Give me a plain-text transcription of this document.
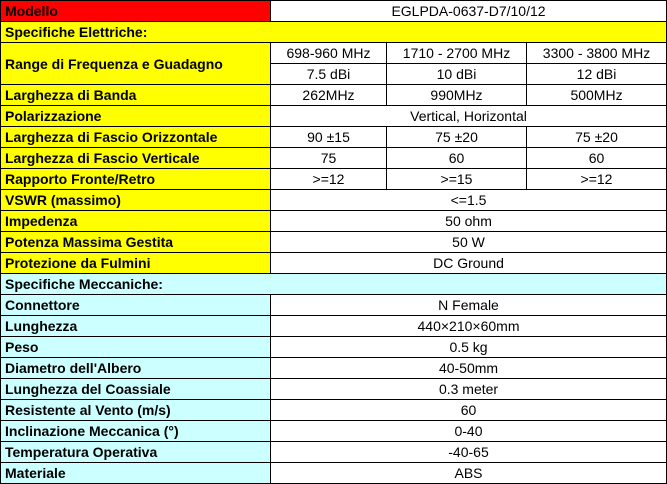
Modello	EGLPDA-0637-D7/10/12		
Specifiche Elettriche:			
Range di Frequenza e Guadagno	698-960 MHz	1710 - 2700 MHz	3300 - 3800 MHz
	7.5 dBi	10 dBi	12 dBi
Larghezza di Banda	262MHz	990MHz	500MHz
Polarizzazione	Vertical, Horizontal		
Larghezza di Fascio Orizzontale	90 ±15	75 ±20	75 ±20
Larghezza di Fascio Verticale	75	60	60
Rapporto Fronte/Retro	>=12	>=15	>=12
VSWR (massimo)	<=1.5		
Impedenza	50 ohm		
Potenza Massima Gestita	50 W		
Protezione da Fulmini	DC Ground		
Specifiche Meccaniche:			
Connettore	N Female		
Lunghezza	440×210×60mm		
Peso	0.5 kg		
Diametro dell'Albero	40-50mm		
Lunghezza del Coassiale	0.3 meter		
Resistente al Vento (m/s)	60		
Inclinazione Meccanica (°)	0-40		
Temperatura Operativa	-40-65		
Materiale	ABS		
